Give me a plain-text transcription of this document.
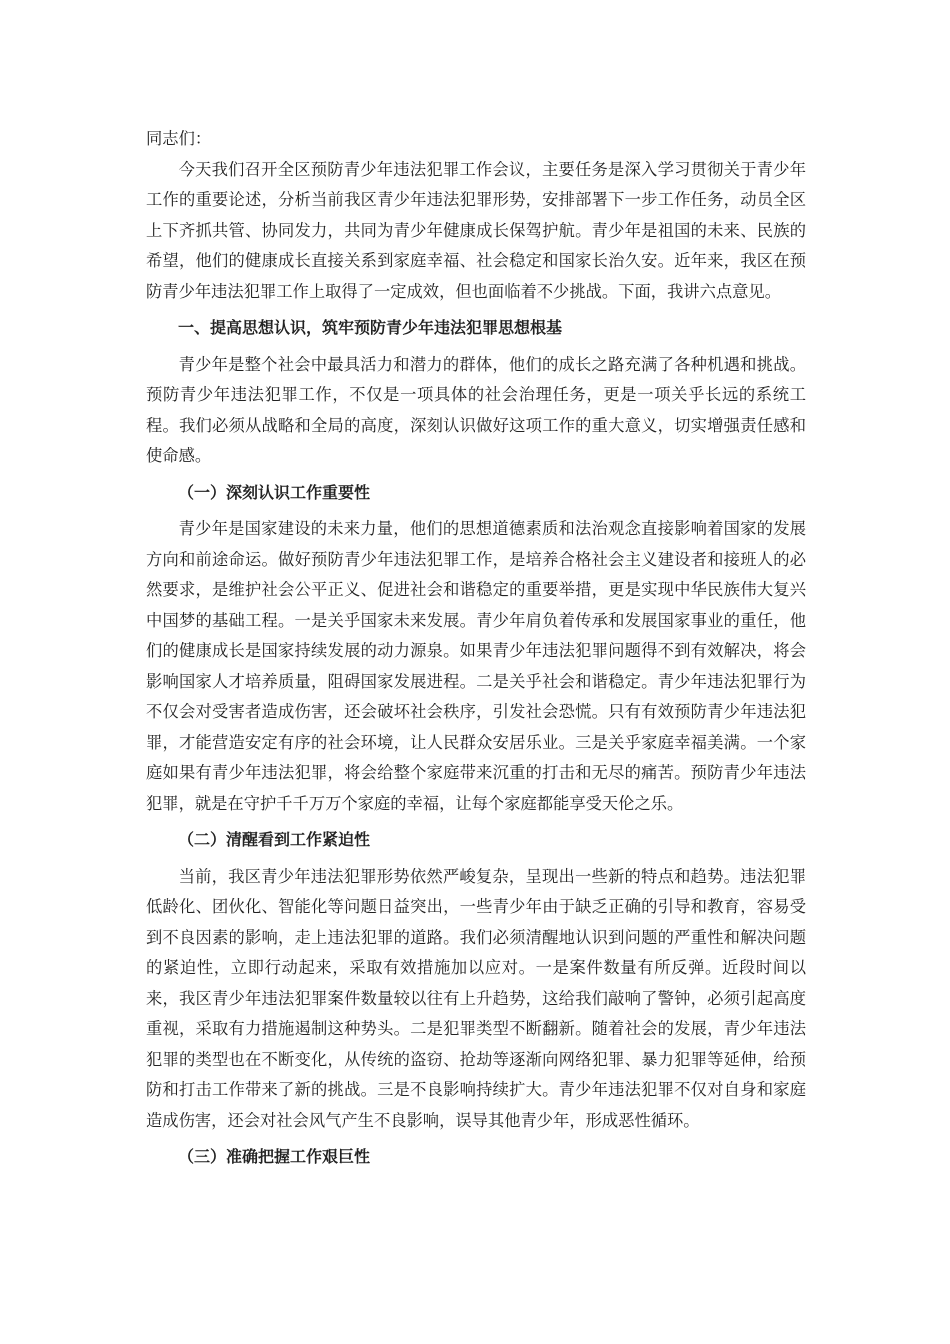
同志们：

今天我们召开全区预防青少年违法犯罪工作会议，主要任务是深入学习贯彻关于青少年工作的重要论述，分析当前我区青少年违法犯罪形势，安排部署下一步工作任务，动员全区上下齐抓共管、协同发力，共同为青少年健康成长保驾护航。青少年是祖国的未来、民族的希望，他们的健康成长直接关系到家庭幸福、社会稳定和国家长治久安。近年来，我区在预防青少年违法犯罪工作上取得了一定成效，但也面临着不少挑战。下面，我讲六点意见。

一、提高思想认识，筑牢预防青少年违法犯罪思想根基

青少年是整个社会中最具活力和潜力的群体，他们的成长之路充满了各种机遇和挑战。预防青少年违法犯罪工作，不仅是一项具体的社会治理任务，更是一项关乎长远的系统工程。我们必须从战略和全局的高度，深刻认识做好这项工作的重大意义，切实增强责任感和使命感。

（一）深刻认识工作重要性

青少年是国家建设的未来力量，他们的思想道德素质和法治观念直接影响着国家的发展方向和前途命运。做好预防青少年违法犯罪工作，是培养合格社会主义建设者和接班人的必然要求，是维护社会公平正义、促进社会和谐稳定的重要举措，更是实现中华民族伟大复兴中国梦的基础工程。一是关乎国家未来发展。青少年肩负着传承和发展国家事业的重任，他们的健康成长是国家持续发展的动力源泉。如果青少年违法犯罪问题得不到有效解决，将会影响国家人才培养质量，阻碍国家发展进程。二是关乎社会和谐稳定。青少年违法犯罪行为不仅会对受害者造成伤害，还会破坏社会秩序，引发社会恐慌。只有有效预防青少年违法犯罪，才能营造安定有序的社会环境，让人民群众安居乐业。三是关乎家庭幸福美满。一个家庭如果有青少年违法犯罪，将会给整个家庭带来沉重的打击和无尽的痛苦。预防青少年违法犯罪，就是在守护千千万万个家庭的幸福，让每个家庭都能享受天伦之乐。

（二）清醒看到工作紧迫性

当前，我区青少年违法犯罪形势依然严峻复杂，呈现出一些新的特点和趋势。违法犯罪低龄化、团伙化、智能化等问题日益突出，一些青少年由于缺乏正确的引导和教育，容易受到不良因素的影响，走上违法犯罪的道路。我们必须清醒地认识到问题的严重性和解决问题的紧迫性，立即行动起来，采取有效措施加以应对。一是案件数量有所反弹。近段时间以来，我区青少年违法犯罪案件数量较以往有上升趋势，这给我们敲响了警钟，必须引起高度重视，采取有力措施遏制这种势头。二是犯罪类型不断翻新。随着社会的发展，青少年违法犯罪的类型也在不断变化，从传统的盗窃、抢劫等逐渐向网络犯罪、暴力犯罪等延伸，给预防和打击工作带来了新的挑战。三是不良影响持续扩大。青少年违法犯罪不仅对自身和家庭造成伤害，还会对社会风气产生不良影响，误导其他青少年，形成恶性循环。

（三）准确把握工作艰巨性
